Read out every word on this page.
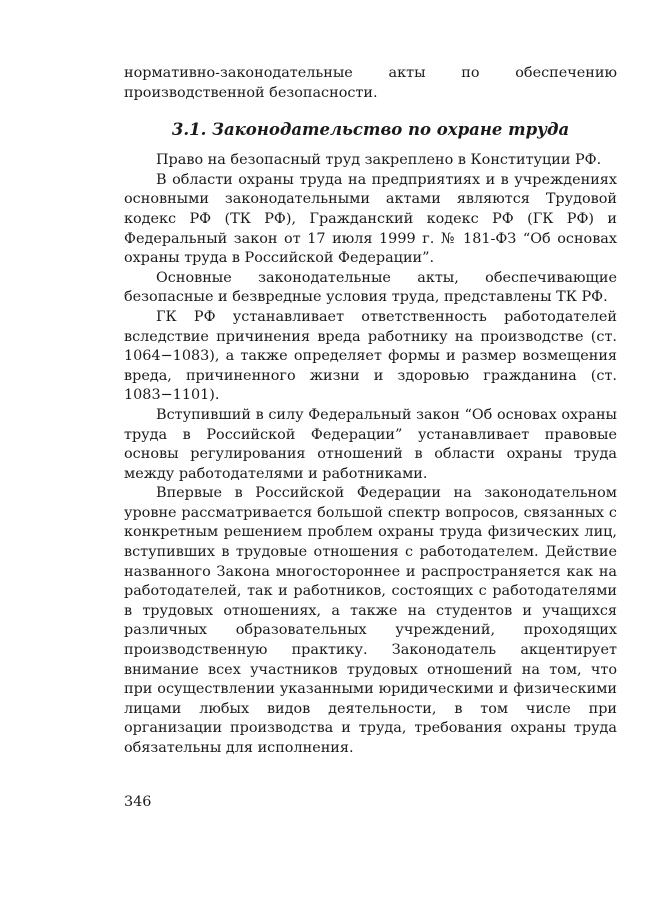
нормативно-законодательные акты по обеспечению производственной безопасности.

3.1. Законодательство по охране труда

Право на безопасный труд закреплено в Конституции РФ.

В области охраны труда на предприятиях и в учреждениях основными законодательными актами являются Трудовой кодекс РФ (ТК РФ), Гражданский кодекс РФ (ГК РФ) и Федеральный закон от 17 июля 1999 г. № 181-ФЗ “Об основах охраны труда в Российской Федерации”.

Основные законодательные акты, обеспечивающие безопасные и безвредные условия труда, представлены ТК РФ.

ГК РФ устанавливает ответственность работодателей вследствие причинения вреда работнику на производстве (ст. 1064−1083), а также определяет формы и размер возмещения вреда, причиненного жизни и здоровью гражданина (ст. 1083−1101).

Вступивший в силу Федеральный закон “Об основах охраны труда в Российской Федерации” устанавливает правовые основы регулирования отношений в области охраны труда между работодателями и работниками.

Впервые в Российской Федерации на законодательном уровне рассматривается большой спектр вопросов, связанных с конкретным решением проблем охраны труда физических лиц, вступивших в трудовые отношения с работодателем. Действие названного Закона многостороннее и распространяется как на работодателей, так и работников, состоящих с работодателями в трудовых отношениях, а также на студентов и учащихся различных образовательных учреждений, проходящих производственную практику. Законодатель акцентирует внимание всех участников трудовых отношений на том, что при осуществлении указанными юридическими и физическими лицами любых видов деятельности, в том числе при организации производства и труда, требования охраны труда обязательны для исполнения.

346
